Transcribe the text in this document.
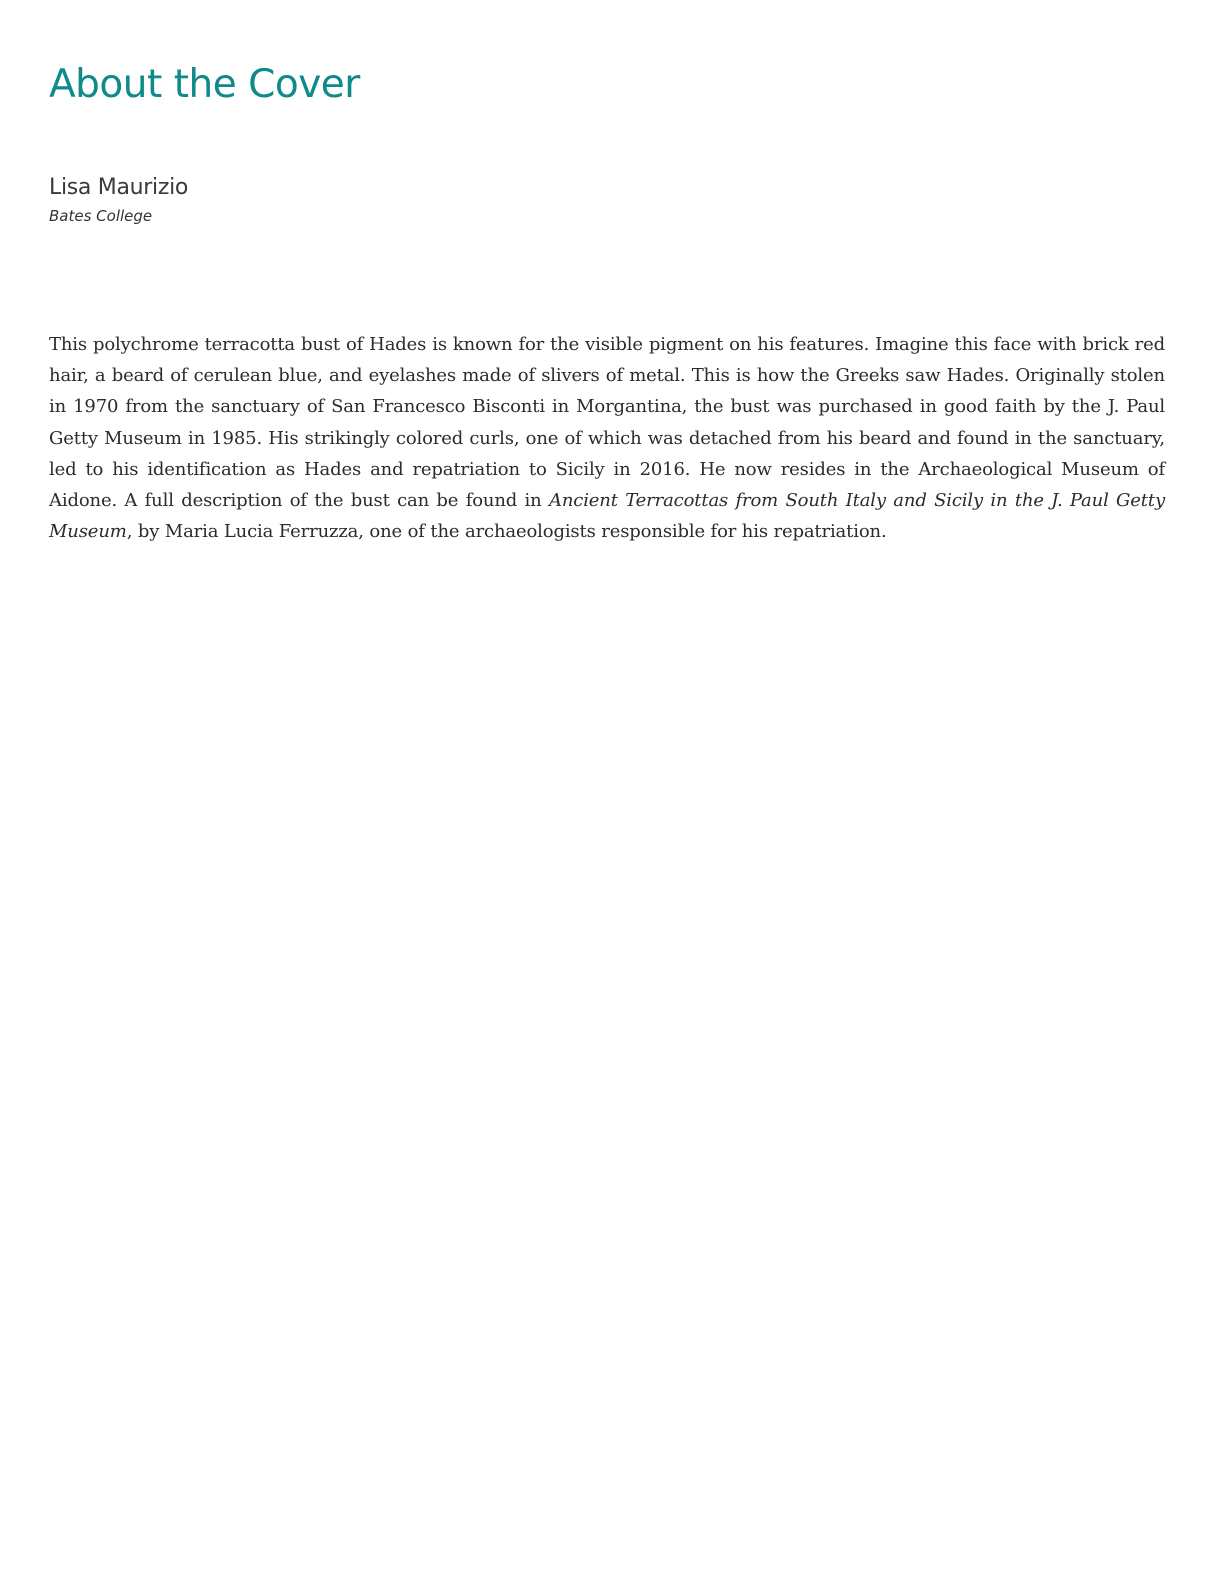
About the Cover
Lisa Maurizio
Bates College

This polychrome terracotta bust of Hades is known for the visible pigment on his features. Imagine this face with brick red hair, a beard of cerulean blue, and eyelashes made of slivers of metal. This is how the Greeks saw Hades. Originally stolen in 1970 from the sanctuary of San Francesco Bisconti in Morgantina, the bust was purchased in good faith by the J. Paul Getty Museum in 1985. His strikingly colored curls, one of which was detached from his beard and found in the sanctuary, led to his identification as Hades and repatriation to Sicily in 2016. He now resides in the Archaeological Museum of Aidone. A full description of the bust can be found in Ancient Terracottas from South Italy and Sicily in the J. Paul Getty Museum, by Maria Lucia Ferruzza, one of the archaeologists responsible for his repatriation.
